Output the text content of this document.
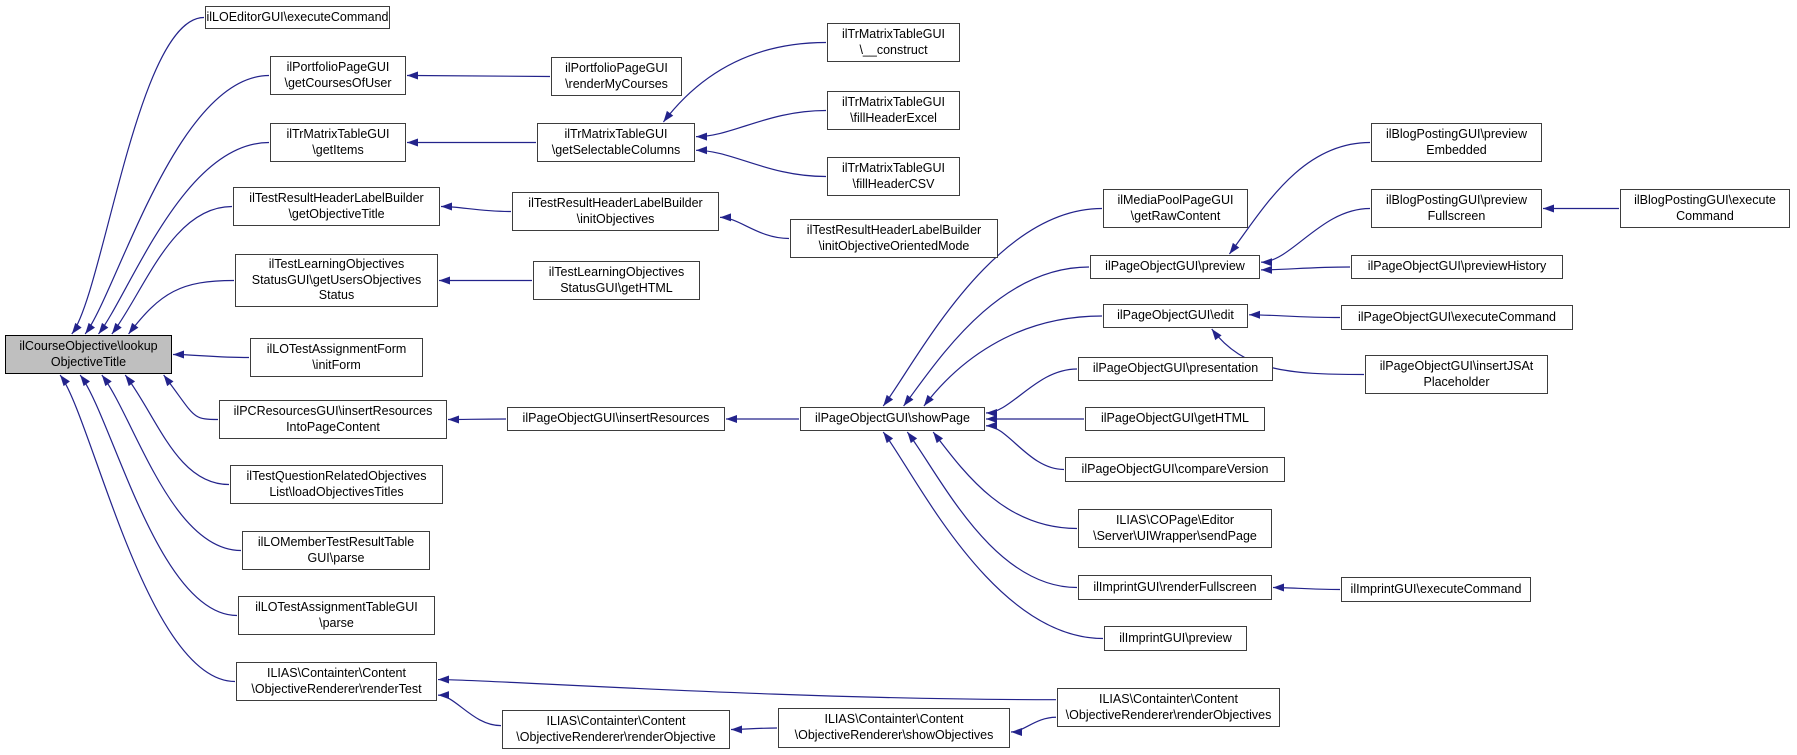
ilCourseObjective\lookup
ObjectiveTitle
ilLOEditorGUI\executeCommand
ilPortfolioPageGUI
\getCoursesOfUser
ilTrMatrixTableGUI
\getItems
ilTestResultHeaderLabelBuilder
\getObjectiveTitle
ilTestLearningObjectives
StatusGUI\getUsersObjectives
Status
ilLOTestAssignmentForm
\initForm
ilPCResourcesGUI\insertResources
IntoPageContent
ilTestQuestionRelatedObjectives
List\loadObjectivesTitles
ilLOMemberTestResultTable
GUI\parse
ilLOTestAssignmentTableGUI
\parse
ILIAS\Containter\Content
\ObjectiveRenderer\renderTest
ilPortfolioPageGUI
\renderMyCourses
ilTrMatrixTableGUI
\getSelectableColumns
ilTestResultHeaderLabelBuilder
\initObjectives
ilTestLearningObjectives
StatusGUI\getHTML
ilPageObjectGUI\insertResources
ilTrMatrixTableGUI
\__construct
ilTrMatrixTableGUI
\fillHeaderExcel
ilTrMatrixTableGUI
\fillHeaderCSV
ilTestResultHeaderLabelBuilder
\initObjectiveOrientedMode
ilPageObjectGUI\showPage
ilMediaPoolPageGUI
\getRawContent
ilPageObjectGUI\preview
ilPageObjectGUI\edit
ilPageObjectGUI\presentation
ilPageObjectGUI\getHTML
ilPageObjectGUI\compareVersion
ILIAS\COPage\Editor
\Server\UIWrapper\sendPage
ilImprintGUI\renderFullscreen
ilImprintGUI\preview
ILIAS\Containter\Content
\ObjectiveRenderer\renderObjectives
ilBlogPostingGUI\preview
Embedded
ilBlogPostingGUI\preview
Fullscreen
ilBlogPostingGUI\execute
Command
ilPageObjectGUI\previewHistory
ilPageObjectGUI\executeCommand
ilPageObjectGUI\insertJSAt
Placeholder
ilImprintGUI\executeCommand
ILIAS\Containter\Content
\ObjectiveRenderer\renderObjective
ILIAS\Containter\Content
\ObjectiveRenderer\showObjectives
